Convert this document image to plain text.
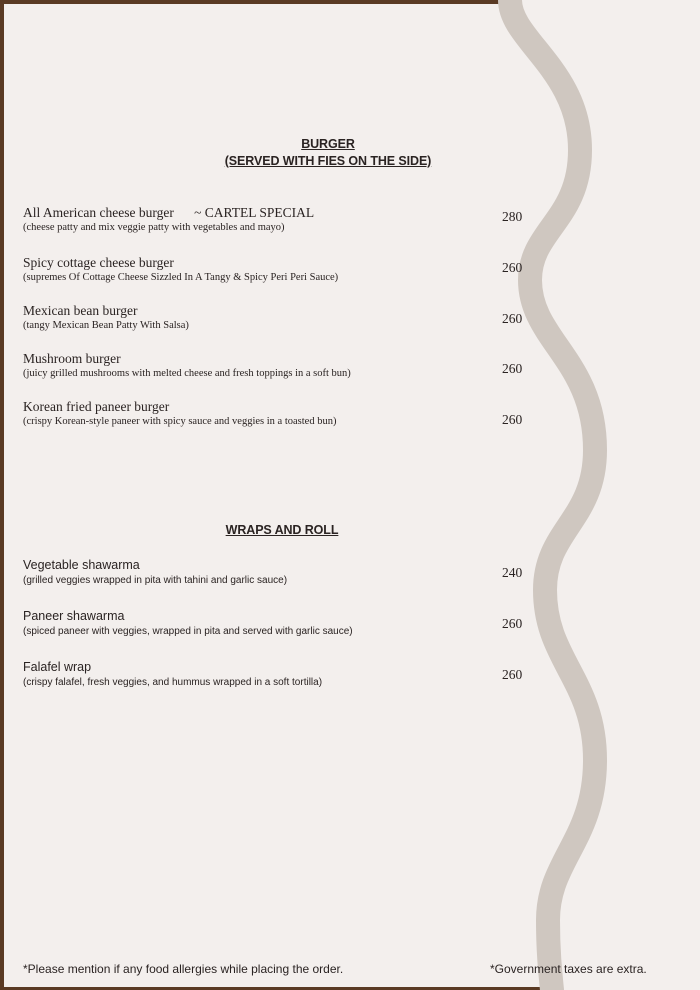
BURGER
(SERVED WITH FIES ON THE SIDE)
All American cheese burger ~ CARTEL SPECIAL
(cheese patty and mix veggie patty with vegetables and mayo)
280
Spicy cottage cheese burger
(supremes Of Cottage Cheese Sizzled In A Tangy & Spicy Peri Peri Sauce)
260
Mexican bean burger
(tangy Mexican Bean Patty With Salsa)	260
Mushroom burger
(juicy grilled mushrooms with melted cheese and fresh toppings in a soft bun)	260
Korean fried paneer burger
(crispy Korean-style paneer with spicy sauce and veggies in a toasted bun)	260
WRAPS AND ROLL
Vegetable shawarma
(grilled veggies wrapped in pita with tahini and garlic sauce)
240
Paneer shawarma
(spiced paneer with veggies, wrapped in pita and served with garlic sauce)
260
Falafel wrap
(crispy falafel, fresh veggies, and hummus wrapped in a soft tortilla)
260
*Please mention if any food allergies while placing the order.	*Government taxes are extra.
